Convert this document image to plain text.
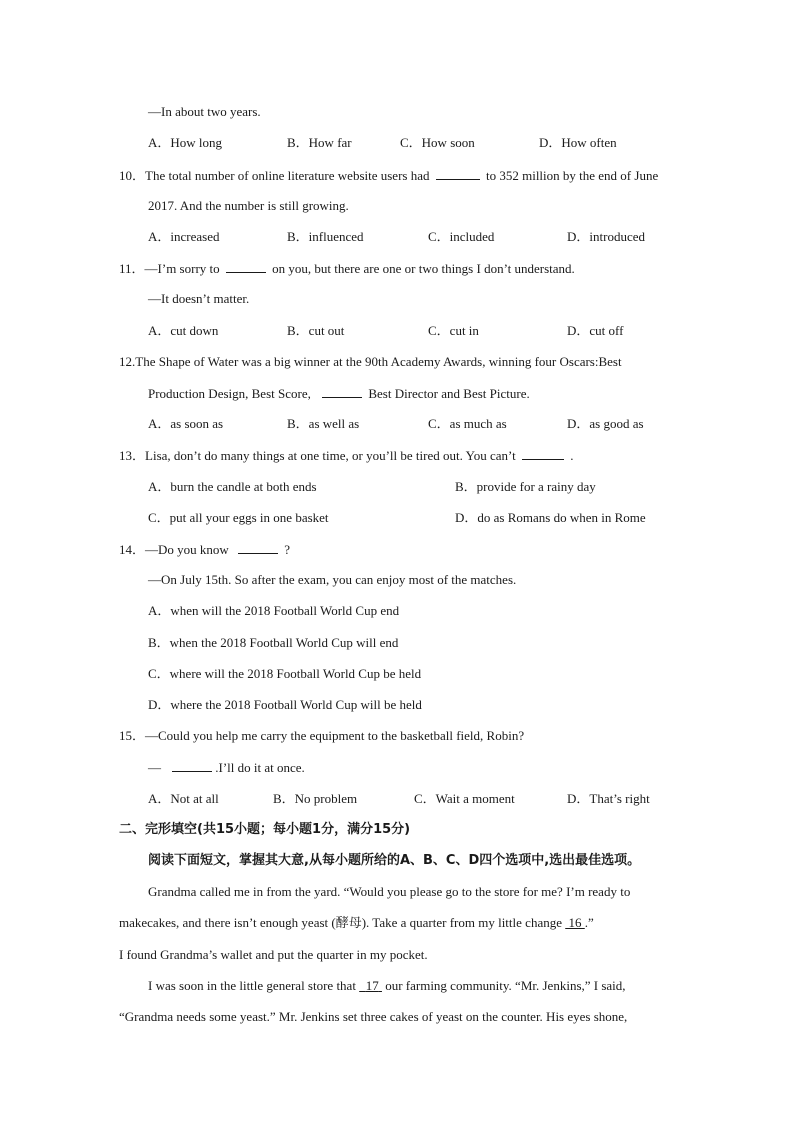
—In about two years.
A．How long	B．How far	C．How soon	D．How often
10．The total number of online literature website users had	to 352 million by the end of June
2017. And the number is still growing.
A．increased	B．influenced	C．included	D．introduced
11．—I’m sorry to	on you, but there are one or two things I don’t understand.
—It doesn’t matter.
A．cut down	B．cut out	C．cut in	D．cut off
12.The Shape of Water was a big winner at the 90th Academy Awards, winning four Oscars:Best
Production Design, Best Score,	Best Director and Best Picture.
A．as soon as	B．as well as	C．as much as	D．as good as
13．Lisa, don’t do many things at one time, or you’ll be tired out. You can’t	.
A．burn the candle at both ends	B．provide for a rainy day
C．put all your eggs in one basket	D．do as Romans do when in Rome
14．—Do you know	?
—On July 15th. So after the exam, you can enjoy most of the matches.
A．when will the 2018 Football World Cup end
B．when the 2018 Football World Cup will end
C．where will the 2018 Football World Cup be held
D．where the 2018 Football World Cup will be held
15．—Could you help me carry the equipment to the basketball field, Robin?
—	.I’ll do it at once.
A．Not at all	B．No problem	C．Wait a moment	D．That’s right
二、完形填空(共15小题；每小题1分，满分15分)
阅读下面短文，掌握其大意,从每小题所给的A、B、C、D四个选项中,选出最佳选项。
Grandma called me in from the yard. “Would you please go to the store for me? I’m ready to
makecakes, and there isn’t enough yeast (酵母). Take a quarter from my little change 16 .”
I found Grandma’s wallet and put the quarter in my pocket.
I was soon in the little general store that 17 our farming community. “Mr. Jenkins,” I said,
“Grandma needs some yeast.” Mr. Jenkins set three cakes of yeast on the counter. His eyes shone,
